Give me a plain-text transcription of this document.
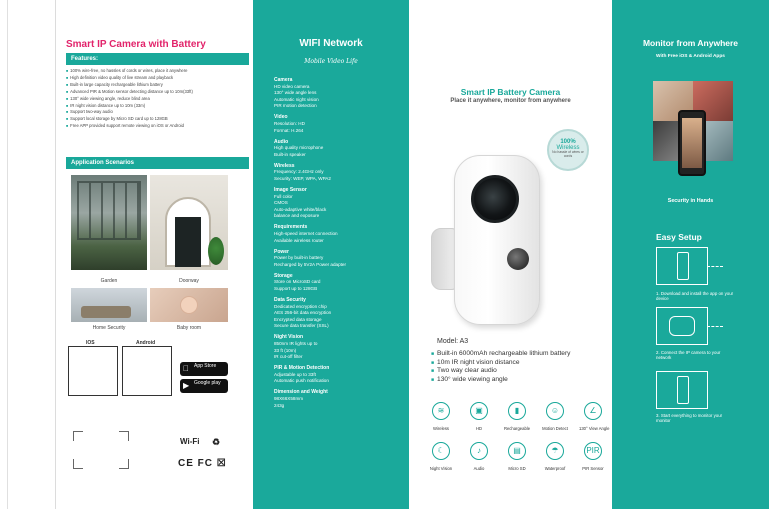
Smart IP Camera with Battery
Features:
■ 100% wire-free, no hassles of cords or wires, place it anywhere
■ High definition video quality of live stream and playback
■ Built-in large capacity rechargeable lithium battery
■ Advanced PIR & Motion sensor detecting distance up to 10m(33ft)
■ 130° wide viewing angle, reduce blind area
■ IR night vision distance up to 10m (33m)
■ Support two-way audio
■ Support local storage by Micro SD card up to 128GB
■ Free APP provided support remote viewing on iOS or Android
Application Scenarios
Garden	Doorway
Home Security	Baby room
IOS	Android
App Store
▶ Google play
Wi-Fi ♻
CE FC ☒
WIFI Network
Mobile Video Life
Camera

HD video camera

130° wide angle lens

Automatic night vision

PIR motion detection

Video

Resolution: HD

Format: H.264

Audio

High quality microphone

Built-in speaker

Wireless

Frequency: 2.4GHz only

Security: WEP, WPA, WPA2

Image Sensor

Full color

CMOS

Auto-adaptive white/black

balance and exposure

Requirements

High-speed internet connection

Available wireless router

Power

Power by built-in battery

Recharged by 5V2A Power adapter

Storage

Store on MicroSD card

Support up to 128GB

Data Security

Dedicated encryption chip

AES 256-bit data encryption

Encrypted data storage

Secure data transfer (SSL)

Night Vision

850nm IR lights up to

33 ft (10m)

IR cut-off filter

PIR & Motion Detection

Adjustable up to 33ft

Automatic push notification

Dimension and Weight

98X66X58mm

243g

Smart IP Battery Camera
Place it anywhere, monitor from anywhere
100%
Wireless
No hassle of wires or cords
Model: A3
■ Built-in 6000mAh rechargeable lithium battery
■ 10m IR night vision distance
■ Two way clear audio
■ 130° wide viewing angle
≋
Wireless
▣
HD
▮
Rechargeable
☺
Motion Detect
∠
130° View Angle
☾
Night Vision
♪
Audio
▤
Micro SD
☂
Waterproof
PIR
PIR Sensor
Monitor from Anywhere
With Free iOS & Android Apps
Security in Hands
Easy Setup
1. Download and install the app on your device
2. Connect the IP camera to your network
3. Start everything to monitor your monitor
